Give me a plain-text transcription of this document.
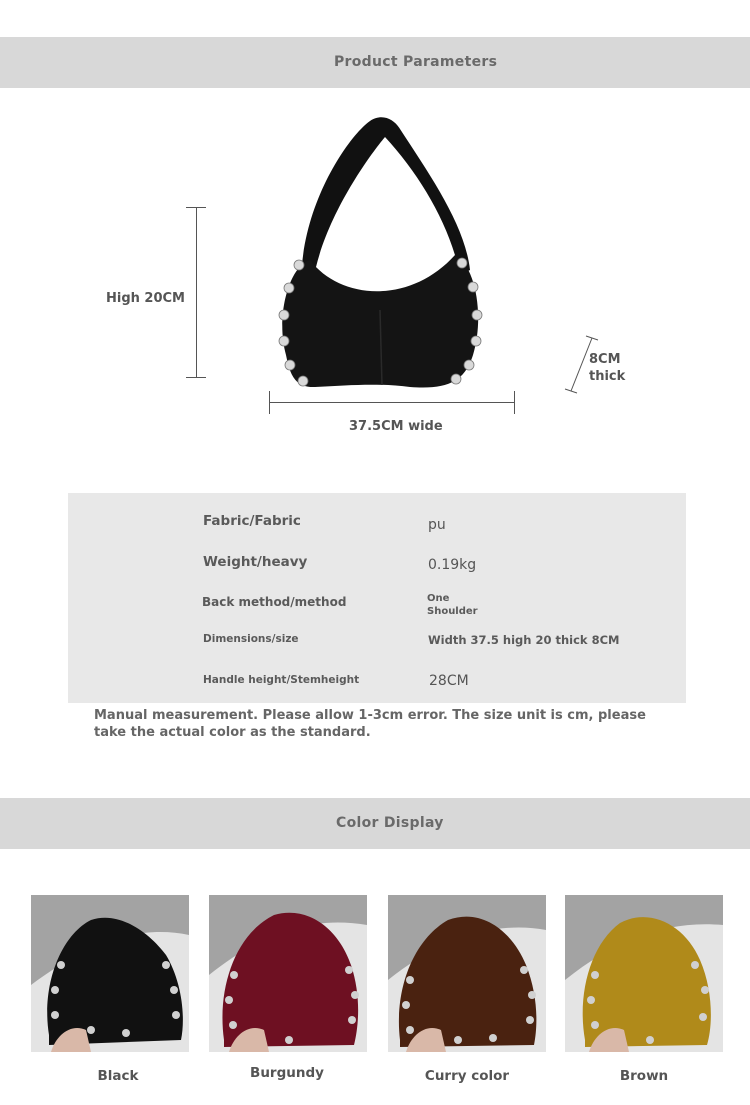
Product Parameters
High 20CM
37.5CM wide
8CM
thick
Fabric/Fabric	pu
Weight/heavy	0.19kg
Back method/method	One
Shoulder
Dimensions/size	Width 37.5 high 20 thick 8CM
Handle height/Stemheight	28CM

Manual measurement. Please allow 1-3cm error. The size unit is cm, please take the actual color as the standard.

Color Display
Black	Burgundy	Curry color	Brown
